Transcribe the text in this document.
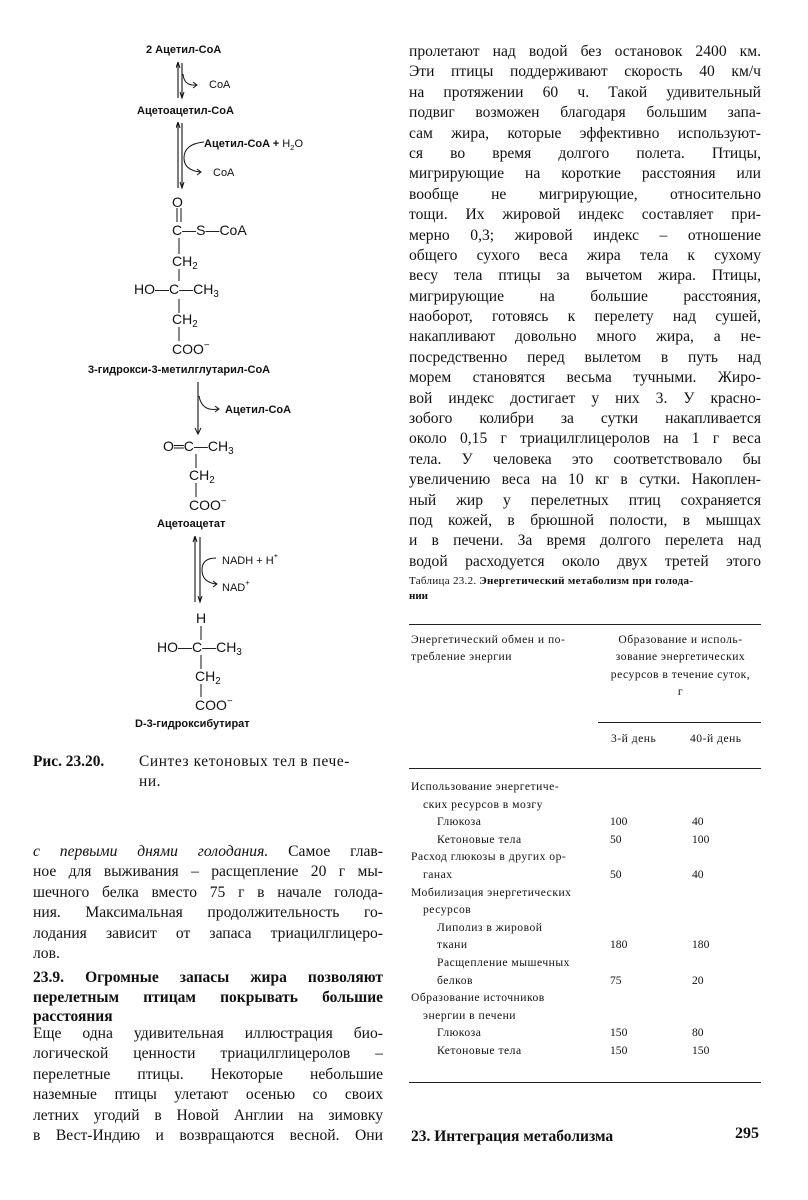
2 Ацетил-CoA
CoA
Ацетоацетил-CoA
Ацетил-CoA + $H_2O$
CoA
O
C—S—CoA
$CH_2$
$HO—C—CH_3$
$CH_2$
COO−
3-гидрокси-3-метилглутарил-CoA
Ацетил-CoA
$O═C—CH_3$
$CH_2$
COO−
Ацетоацетат
NADH + H+
NAD+
H
$HO—C—CH_3$
$CH_2$
COO−
D-3-гидроксибутират
Рис. 23.20. Синтез кетоновых тел в пече-
ни.
с первыми днями голодания. Самое глав-
ное для выживания – расщепление 20 г мы-
шечного белка вместо 75 г в начале голода-
ния. Максимальная продолжительность го-
лодания зависит от запаса триацилглицеро-
лов.
23.9. Огромные запасы жира позволяют
перелетным птицам покрывать большие
расстояния
Еще одна удивительная иллюстрация био-
логической ценности триацилглицеролов –
перелетные птицы. Некоторые небольшие
наземные птицы улетают осенью со своих
летних угодий в Новой Англии на зимовку
в Вест-Индию и возвращаются весной. Они
пролетают над водой без остановок 2400 км.
Эти птицы поддерживают скорость 40 км/ч
на протяжении 60 ч. Такой удивительный
подвиг возможен благодаря большим запа-
сам жира, которые эффективно используют-
ся во время долгого полета. Птицы,
мигрирующие на короткие расстояния или
вообще не мигрирующие, относительно
тощи. Их жировой индекс составляет при-
мерно 0,3; жировой индекс – отношение
общего сухого веса жира тела к сухому
весу тела птицы за вычетом жира. Птицы,
мигрирующие на большие расстояния,
наоборот, готовясь к перелету над сушей,
накапливают довольно много жира, а не-
посредственно перед вылетом в путь над
морем становятся весьма тучными. Жиро-
вой индекс достигает у них 3. У красно-
зобого колибри за сутки накапливается
около 0,15 г триацилглицеролов на 1 г веса
тела. У человека это соответствовало бы
увеличению веса на 10 кг в сутки. Накоплен-
ный жир у перелетных птиц сохраняется
под кожей, в брюшной полости, в мышцах
и в печени. За время долгого перелета над
водой расходуется около двух третей этого
Таблица 23.2. Энергетический метаболизм при голода-
нии
Энергетический обмен и по-
требление энергии
Образование и исполь-
зование энергетических
ресурсов в течение суток,
г
3-й день	40-й день
Использование энергетиче-
ских ресурсов в мозгу
Глюкоза	100	40
Кетоновые тела	50	100
Расход глюкозы в других ор-
ганах	50	40
Мобилизация энергетических
ресурсов
Липолиз в жировой
ткани	180	180
Расщепление мышечных
белков	75	20
Образование источников
энергии в печени
Глюкоза	150	80
Кетоновые тела	150	150
23. Интеграция метаболизма	295
